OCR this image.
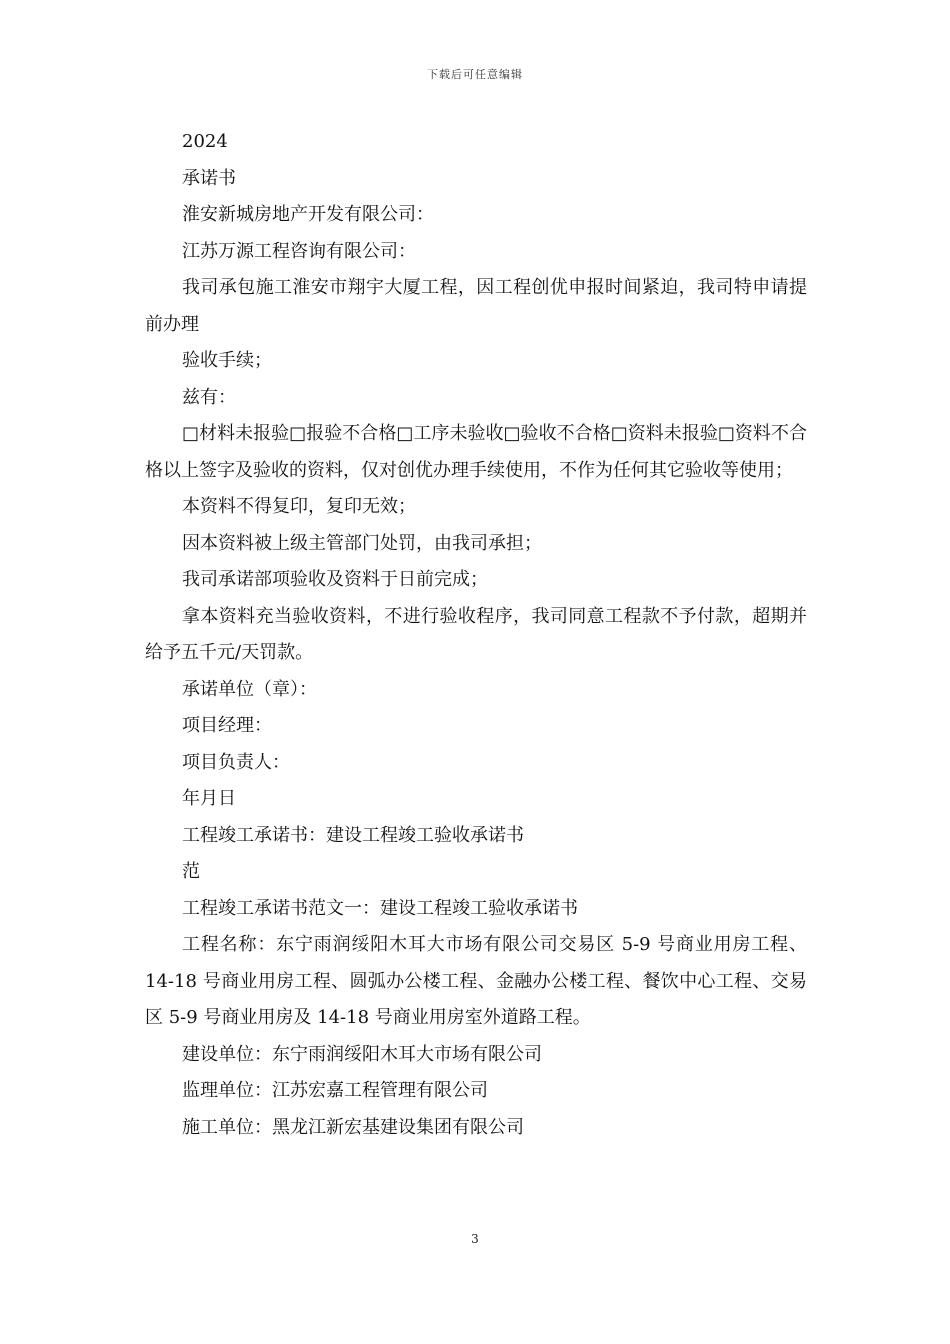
下载后可任意编辑

2024

承诺书

淮安新城房地产开发有限公司：

江苏万源工程咨询有限公司：

我司承包施工淮安市翔宇大厦工程，因工程创优申报时间紧迫，我司特申请提前办理

验收手续；

兹有：

□材料未报验□报验不合格□工序未验收□验收不合格□资料未报验□资料不合格以上签字及验收的资料，仅对创优办理手续使用，不作为任何其它验收等使用；

本资料不得复印，复印无效；

因本资料被上级主管部门处罚，由我司承担；

我司承诺部项验收及资料于日前完成；

拿本资料充当验收资料，不进行验收程序，我司同意工程款不予付款，超期并给予五千元/天罚款。

承诺单位（章）：

项目经理：

项目负责人：

年月日

工程竣工承诺书：建设工程竣工验收承诺书

范

工程竣工承诺书范文一：建设工程竣工验收承诺书

工程名称：东宁雨润绥阳木耳大市场有限公司交易区 5-9 号商业用房工程、14-18 号商业用房工程、圆弧办公楼工程、金融办公楼工程、餐饮中心工程、交易区 5-9 号商业用房及 14-18 号商业用房室外道路工程。

建设单位：东宁雨润绥阳木耳大市场有限公司

监理单位：江苏宏嘉工程管理有限公司

施工单位：黑龙江新宏基建设集团有限公司

3
